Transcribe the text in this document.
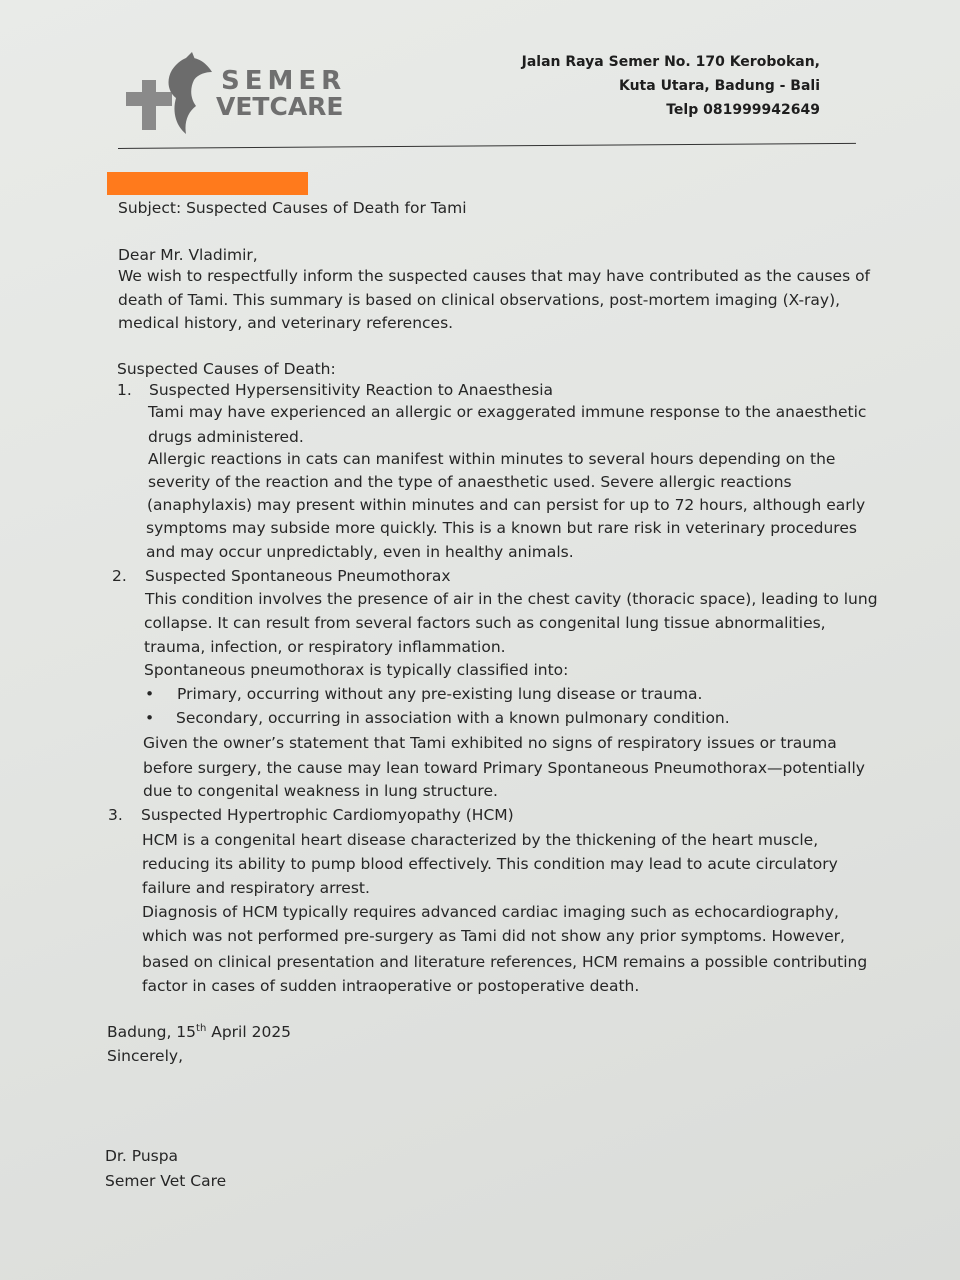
SEMER
VETCARE
Jalan Raya Semer No. 170 Kerobokan,
Kuta Utara, Badung - Bali
Telp 081999942649
Subject: Suspected Causes of Death for Tami
Dear Mr. Vladimir,
We wish to respectfully inform the suspected causes that may have contributed as the causes of
death of Tami. This summary is based on clinical observations, post-mortem imaging (X-ray),
medical history, and veterinary references.
Suspected Causes of Death:
1. Suspected Hypersensitivity Reaction to Anaesthesia
Tami may have experienced an allergic or exaggerated immune response to the anaesthetic
drugs administered.
Allergic reactions in cats can manifest within minutes to several hours depending on the
severity of the reaction and the type of anaesthetic used. Severe allergic reactions
(anaphylaxis) may present within minutes and can persist for up to 72 hours, although early
symptoms may subside more quickly. This is a known but rare risk in veterinary procedures
and may occur unpredictably, even in healthy animals.
2. Suspected Spontaneous Pneumothorax
This condition involves the presence of air in the chest cavity (thoracic space), leading to lung
collapse. It can result from several factors such as congenital lung tissue abnormalities,
trauma, infection, or respiratory inflammation.
Spontaneous pneumothorax is typically classified into:
• Primary, occurring without any pre-existing lung disease or trauma.
• Secondary, occurring in association with a known pulmonary condition.
Given the owner’s statement that Tami exhibited no signs of respiratory issues or trauma
before surgery, the cause may lean toward Primary Spontaneous Pneumothorax—potentially
due to congenital weakness in lung structure.
3. Suspected Hypertrophic Cardiomyopathy (HCM)
HCM is a congenital heart disease characterized by the thickening of the heart muscle,
reducing its ability to pump blood effectively. This condition may lead to acute circulatory
failure and respiratory arrest.
Diagnosis of HCM typically requires advanced cardiac imaging such as echocardiography,
which was not performed pre-surgery as Tami did not show any prior symptoms. However,
based on clinical presentation and literature references, HCM remains a possible contributing
factor in cases of sudden intraoperative or postoperative death.
Badung, 15th April 2025
Sincerely,
Dr. Puspa
Semer Vet Care
